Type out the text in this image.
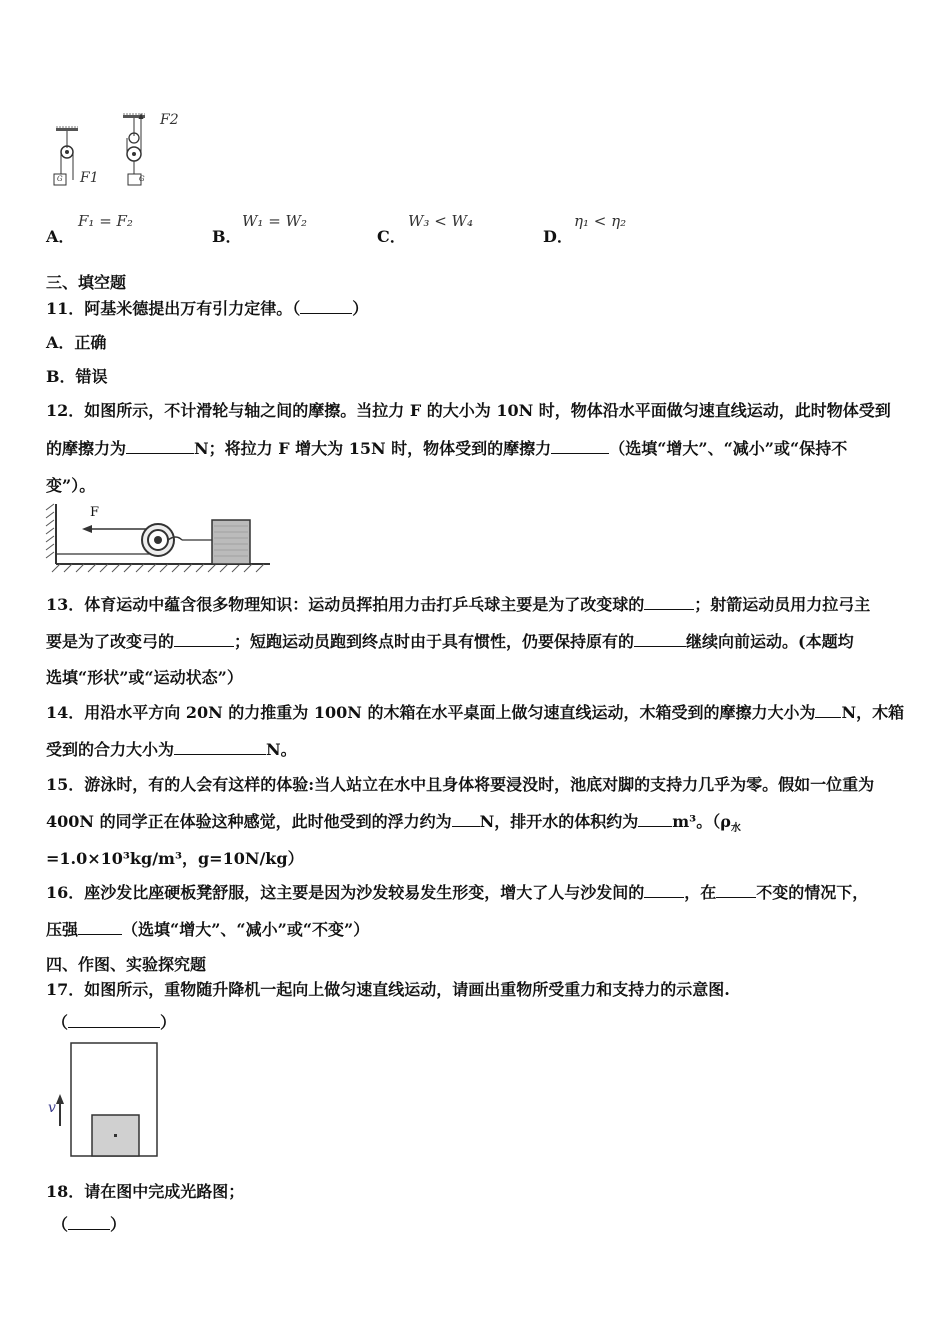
F2
F1
G	G
A．
F₁ = F₂
B．
W₁ = W₂
C．
W₃ < W₄
D．
η₁ < η₂
三、填空题
11．阿基米德提出万有引力定律。（	）
A．正确
B．错误
12．如图所示，不计滑轮与轴之间的摩擦。当拉力 F 的大小为 10N 时，物体沿水平面做匀速直线运动，此时物体受到
的摩擦力为	N；将拉力 F 增大为 15N 时，物体受到的摩擦力	（选填“增大”、“减小”或“保持不
变”）。
F
13．体育运动中蕴含很多物理知识：运动员挥拍用力击打乒乓球主要是为了改变球的	；射箭运动员用力拉弓主
要是为了改变弓的	；短跑运动员跑到终点时由于具有惯性，仍要保持原有的	继续向前运动。(本题均
选填“形状”或“运动状态”）
14．用沿水平方向 20N 的力推重为 100N 的木箱在水平桌面上做匀速直线运动，木箱受到的摩擦力大小为 N，木箱
受到的合力大小为	N。
15．游泳时，有的人会有这样的体验:当人站立在水中且身体将要浸没时，池底对脚的支持力几乎为零。假如一位重为
400N 的同学正在体验这种感觉，此时他受到的浮力约为 N，排开水的体积约为 m³。（$\rho_水$
=1.0×10³kg/m³，g=10N/kg）
16．座沙发比座硬板凳舒服，这主要是因为沙发较易发生形变，增大了人与沙发间的	，在	不变的情况下，
压强	（选填“增大”、“减小”或“不变”）
四、作图、实验探究题
17．如图所示，重物随升降机一起向上做匀速直线运动，请画出重物所受重力和支持力的示意图.
（	）
v
18．请在图中完成光路图；
（	）
